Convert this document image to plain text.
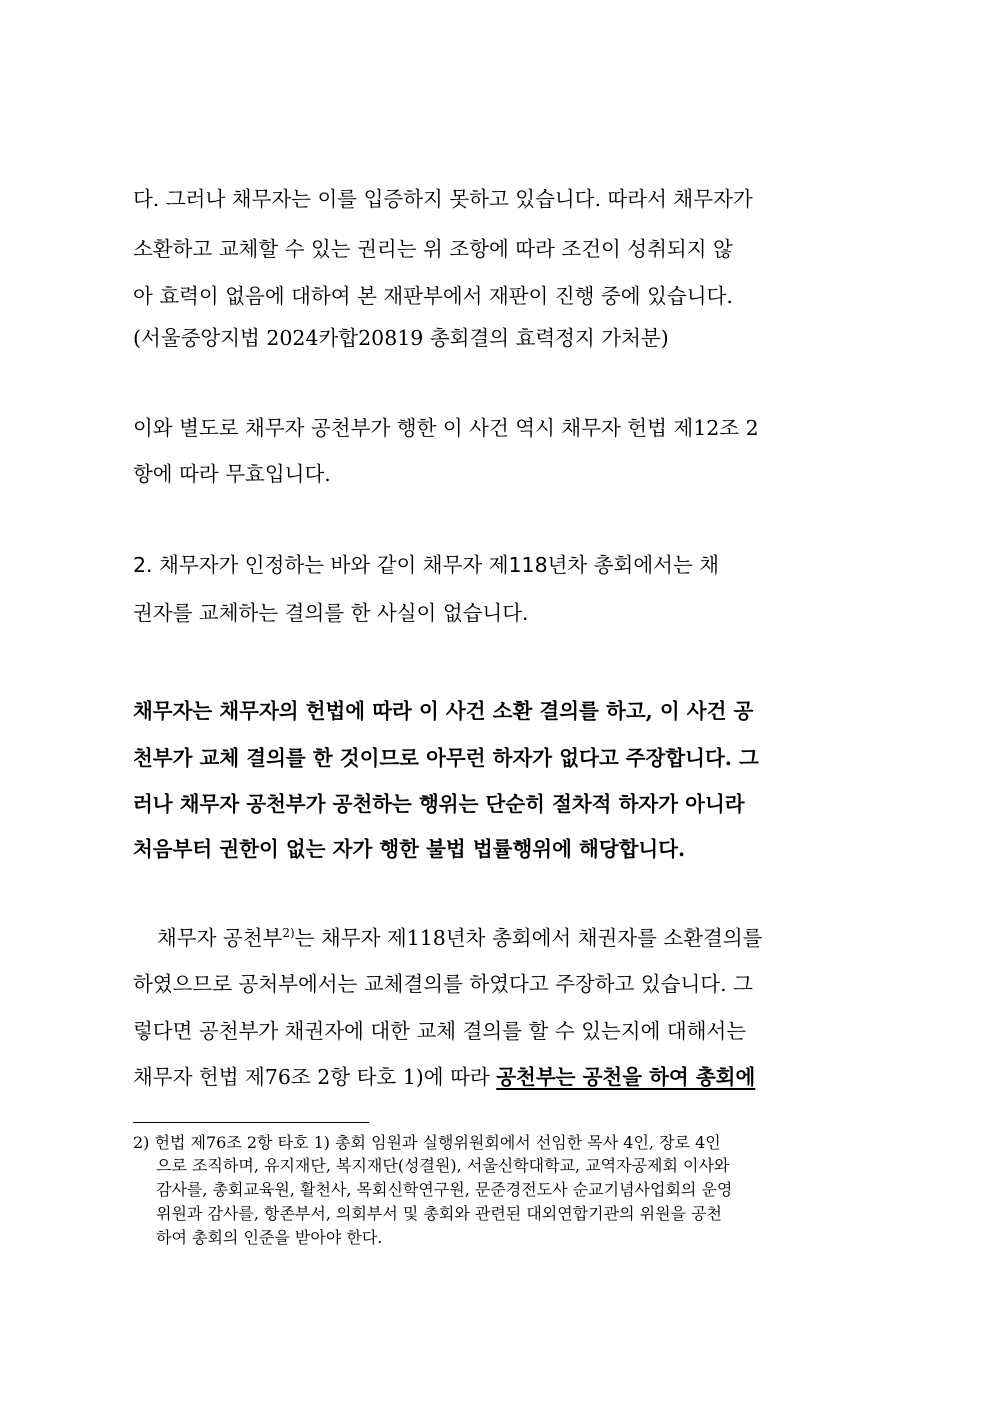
다. 그러나 채무자는 이를 입증하지 못하고 있습니다. 따라서 채무자가
소환하고 교체할 수 있는 권리는 위 조항에 따라 조건이 성취되지 않
아 효력이 없음에 대하여 본 재판부에서 재판이 진행 중에 있습니다.
(서울중앙지법 2024카합20819 총회결의 효력정지 가처분)
이와 별도로 채무자 공천부가 행한 이 사건 역시 채무자 헌법 제12조 2
항에 따라 무효입니다.
2. 채무자가 인정하는 바와 같이 채무자 제118년차 총회에서는 채
권자를 교체하는 결의를 한 사실이 없습니다.
채무자는 채무자의 헌법에 따라 이 사건 소환 결의를 하고, 이 사건 공
천부가 교체 결의를 한 것이므로 아무런 하자가 없다고 주장합니다. 그
러나 채무자 공천부가 공천하는 행위는 단순히 절차적 하자가 아니라
처음부터 권한이 없는 자가 행한 불법 법률행위에 해당합니다.
채무자 공천부$^{2)}$는 채무자 제118년차 총회에서 채권자를 소환결의를
하였으므로 공처부에서는 교체결의를 하였다고 주장하고 있습니다. 그
렇다면 공천부가 채권자에 대한 교체 결의를 할 수 있는지에 대해서는
채무자 헌법 제76조 2항 타호 1)에 따라 공천부는 공천을 하여 총회에
2) 헌법 제76조 2항 타호 1) 총회 임원과 실행위원회에서 선임한 목사 4인, 장로 4인
으로 조직하며, 유지재단, 복지재단(성결원), 서울신학대학교, 교역자공제회 이사와
감사를, 총회교육원, 활천사, 목회신학연구원, 문준경전도사 순교기념사업회의 운영
위원과 감사를, 항존부서, 의회부서 및 총회와 관련된 대외연합기관의 위원을 공천
하여 총회의 인준을 받아야 한다.
